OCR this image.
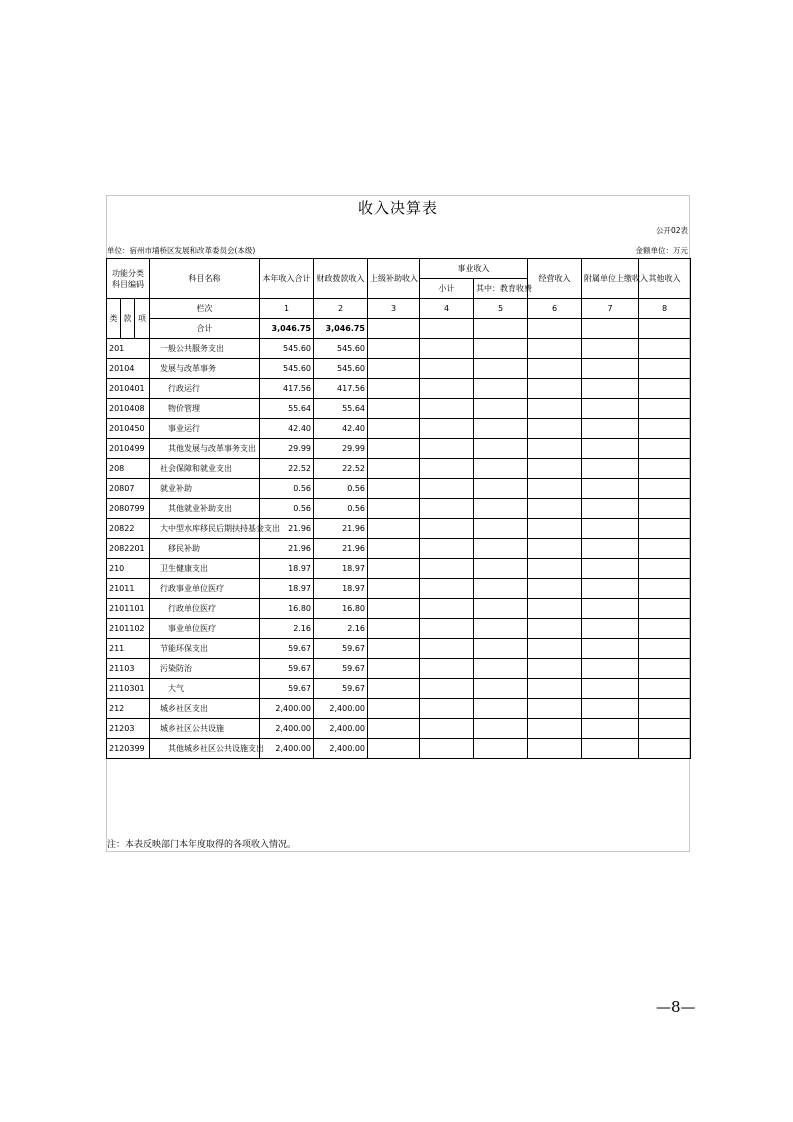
收入决算表
公开02表
单位：宿州市埇桥区发展和改革委员会(本级)	金额单位：万元
功能分类科目编码			科目名称	本年收入合计	财政拨款收入	上级补助收入	事业收入		经营收入	附属单位上缴收入	其他收入
							小计	其中：教育收费			

类	款	项	栏次	1	2	3	4	5	6	7	8
			合计	3,046.75	3,046.75						
201			一般公共服务支出	545.60	545.60						
20104			发展与改革事务	545.60	545.60						
2010401			行政运行	417.56	417.56						
2010408			物价管理	55.64	55.64						
2010450			事业运行	42.40	42.40						
2010499			其他发展与改革事务支出	29.99	29.99						
208			社会保障和就业支出	22.52	22.52						
20807			就业补助	0.56	0.56						
2080799			其他就业补助支出	0.56	0.56						
20822			大中型水库移民后期扶持基金支出	21.96	21.96						
2082201			移民补助	21.96	21.96						
210			卫生健康支出	18.97	18.97						
21011			行政事业单位医疗	18.97	18.97						
2101101			行政单位医疗	16.80	16.80						
2101102			事业单位医疗	2.16	2.16						
211			节能环保支出	59.67	59.67						
21103			污染防治	59.67	59.67						
2110301			大气	59.67	59.67						
212			城乡社区支出	2,400.00	2,400.00						
21203			城乡社区公共设施	2,400.00	2,400.00						
2120399			其他城乡社区公共设施支出	2,400.00	2,400.00						
注：本表反映部门本年度取得的各项收入情况。
—8—
